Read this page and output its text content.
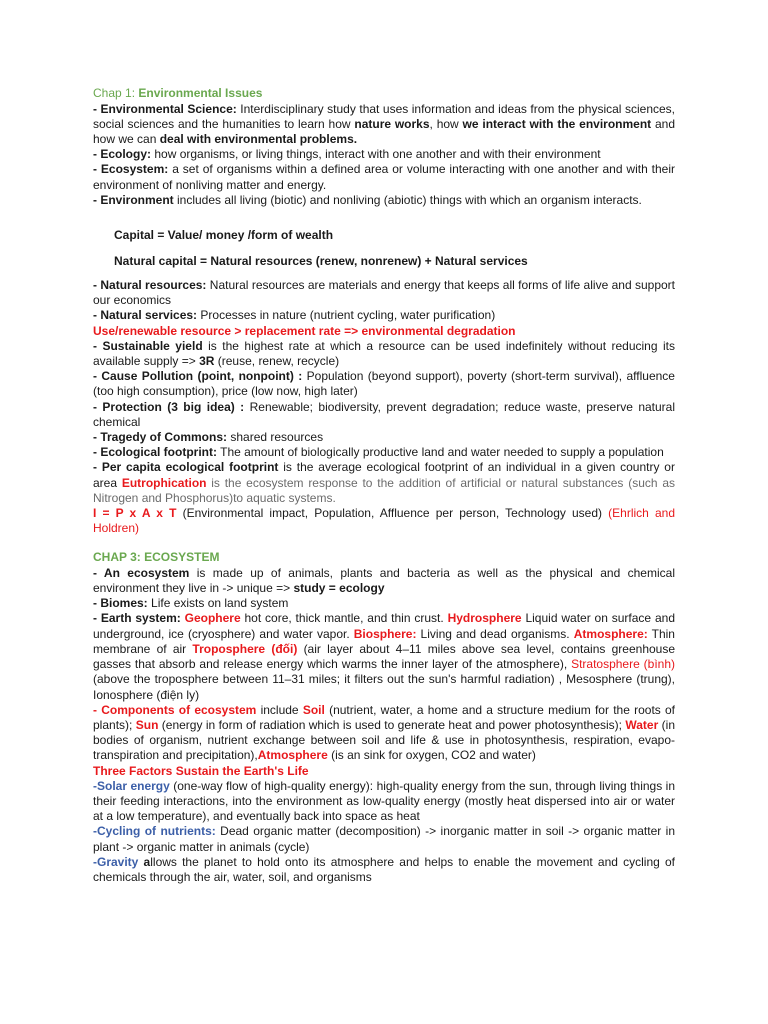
Chap 1: Environmental Issues

- Environmental Science: Interdisciplinary study that uses information and ideas from the physical sciences, social sciences and the humanities to learn how nature works, how we interact with the environment and how we can deal with environmental problems.

- Ecology: how organisms, or living things, interact with one another and with their environment

- Ecosystem: a set of organisms within a defined area or volume interacting with one another and with their environment of nonliving matter and energy.

- Environment includes all living (biotic) and nonliving (abiotic) things with which an organism interacts.

Capital = Value/ money /form of wealth

Natural capital = Natural resources (renew, nonrenew) + Natural services

- Natural resources: Natural resources are materials and energy that keeps all forms of life alive and support our economics

- Natural services: Processes in nature (nutrient cycling, water purification)

Use/renewable resource > replacement rate => environmental degradation

- Sustainable yield is the highest rate at which a resource can be used indefinitely without reducing its available supply => 3R (reuse, renew, recycle)

- Cause Pollution (point, nonpoint) : Population (beyond support), poverty (short-term survival), affluence (too high consumption), price (low now, high later)

- Protection (3 big idea) : Renewable; biodiversity, prevent degradation; reduce waste, preserve natural chemical

- Tragedy of Commons: shared resources

- Ecological footprint: The amount of biologically productive land and water needed to supply a population

- Per capita ecological footprint is the average ecological footprint of an individual in a given country or area Eutrophication is the ecosystem response to the addition of artificial or natural substances (such as Nitrogen and Phosphorus)to aquatic systems.

I = P x A x T (Environmental impact, Population, Affluence per person, Technology used) (Ehrlich and Holdren)

CHAP 3: ECOSYSTEM

- An ecosystem is made up of animals, plants and bacteria as well as the physical and chemical environment they live in -> unique => study = ecology

- Biomes: Life exists on land system

- Earth system: Geophere hot core, thick mantle, and thin crust. Hydrosphere Liquid water on surface and underground, ice (cryosphere) and water vapor. Biosphere: Living and dead organisms. Atmosphere: Thin membrane of air Troposphere (đối) (air layer about 4–11 miles above sea level, contains greenhouse gasses that absorb and release energy which warms the inner layer of the atmosphere), Stratosphere (bình) (above the troposphere between 11–31 miles; it filters out the sun's harmful radiation) , Mesosphere (trung), Ionosphere (điện ly)

- Components of ecosystem include Soil (nutrient, water, a home and a structure medium for the roots of plants); Sun (energy in form of radiation which is used to generate heat and power photosynthesis); Water (in bodies of organism, nutrient exchange between soil and life & use in photosynthesis, respiration, evapo-transpiration and precipitation),Atmosphere (is an sink for oxygen, CO2 and water)

Three Factors Sustain the Earth's Life

-Solar energy (one-way flow of high-quality energy): high-quality energy from the sun, through living things in their feeding interactions, into the environment as low-quality energy (mostly heat dispersed into air or water at a low temperature), and eventually back into space as heat

-Cycling of nutrients: Dead organic matter (decomposition) -> inorganic matter in soil -> organic matter in plant -> organic matter in animals (cycle)

-Gravity allows the planet to hold onto its atmosphere and helps to enable the movement and cycling of chemicals through the air, water, soil, and organisms
